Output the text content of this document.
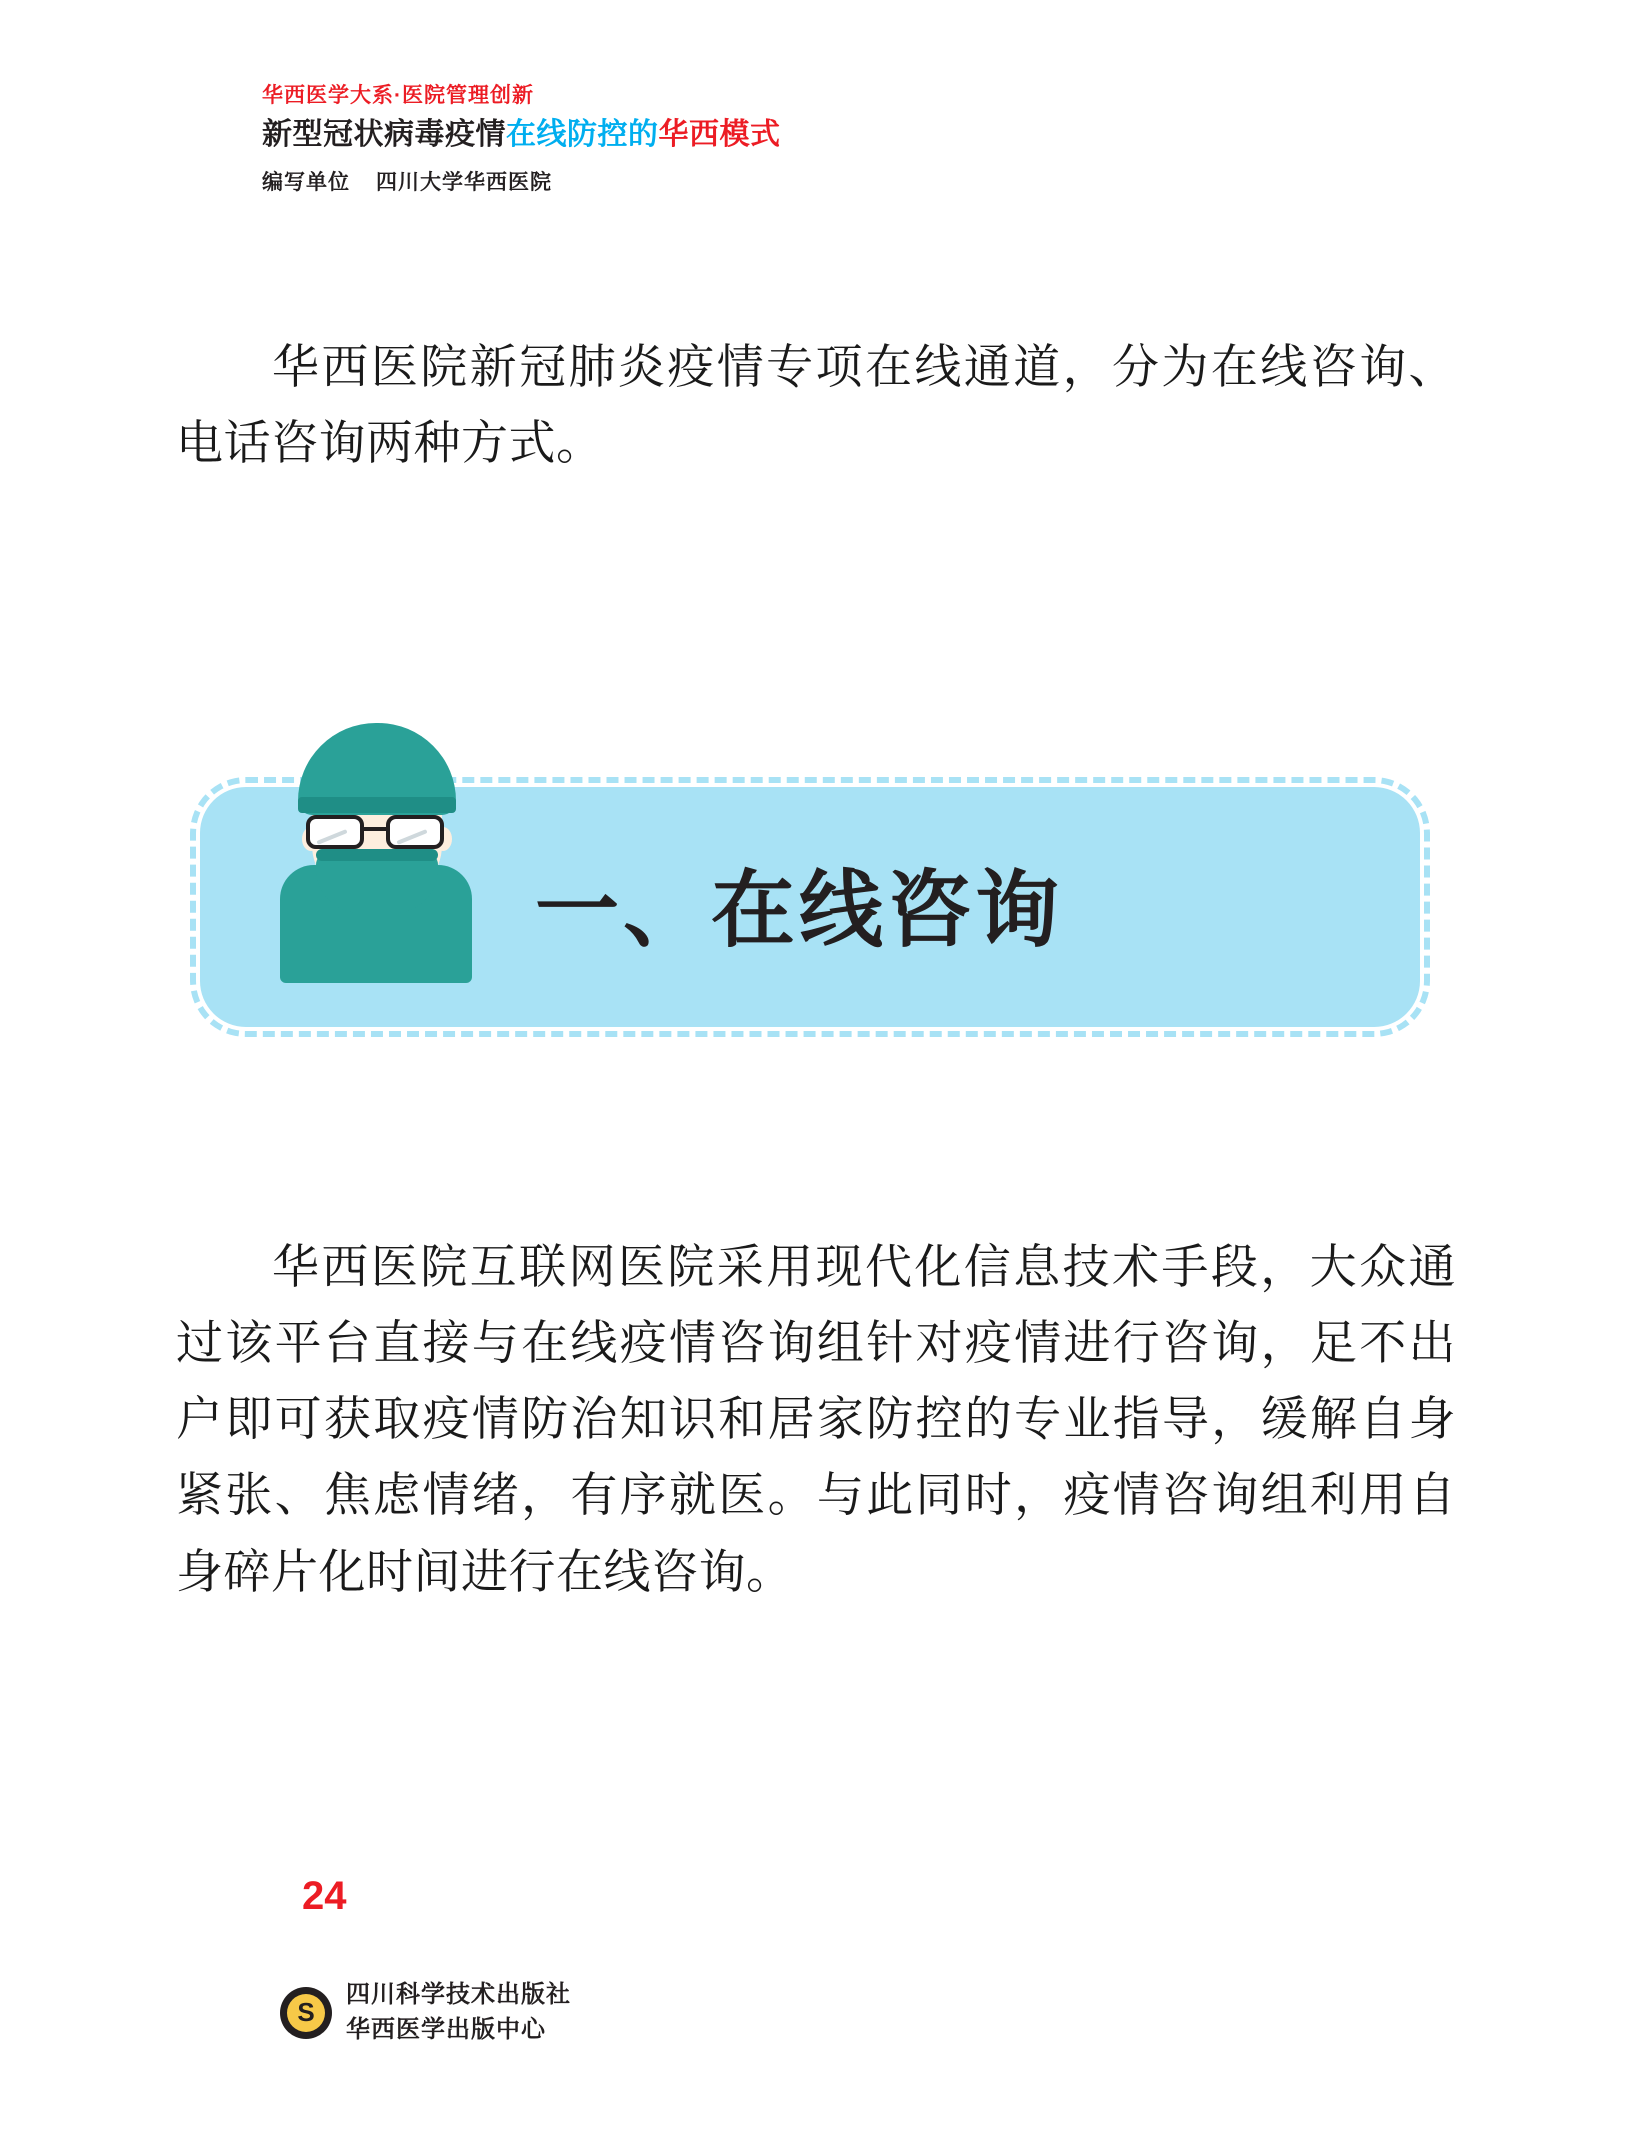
华西医学大系·医院管理创新
新型冠状病毒疫情在线防控的华西模式
编写单位 四川大学华西医院
华西医院新冠肺炎疫情专项在线通道，分为在线咨询、电话咨询两种方式。
一、在线咨询
华西医院互联网医院采用现代化信息技术手段，大众通过该平台直接与在线疫情咨询组针对疫情进行咨询，足不出户即可获取疫情防治知识和居家防控的专业指导，缓解自身紧张、焦虑情绪，有序就医。与此同时，疫情咨询组利用自身碎片化时间进行在线咨询。
24
S
四川科学技术出版社
华西医学出版中心
